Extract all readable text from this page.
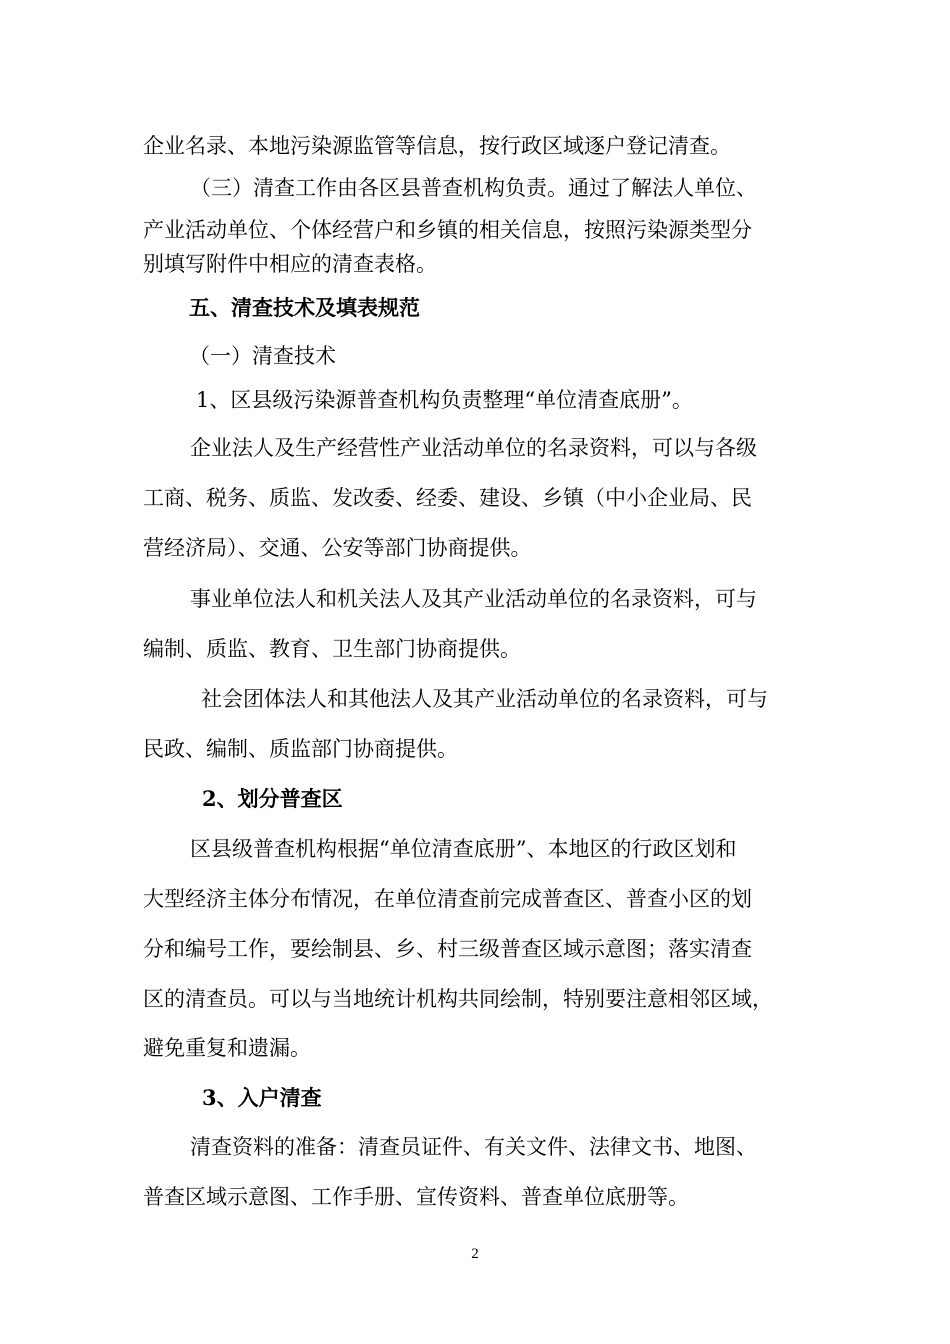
企业名录、本地污染源监管等信息，按行政区域逐户登记清查。
（三）清查工作由各区县普查机构负责。通过了解法人单位、
产业活动单位、个体经营户和乡镇的相关信息，按照污染源类型分
别填写附件中相应的清查表格。
五、清查技术及填表规范
（一）清查技术
1、区县级污染源普查机构负责整理“单位清查底册”。
企业法人及生产经营性产业活动单位的名录资料，可以与各级
工商、税务、质监、发改委、经委、建设、乡镇（中小企业局、民
营经济局）、交通、公安等部门协商提供。
事业单位法人和机关法人及其产业活动单位的名录资料，可与
编制、质监、教育、卫生部门协商提供。
社会团体法人和其他法人及其产业活动单位的名录资料，可与
民政、编制、质监部门协商提供。
2、划分普查区
区县级普查机构根据“单位清查底册”、本地区的行政区划和
大型经济主体分布情况，在单位清查前完成普查区、普查小区的划
分和编号工作，要绘制县、乡、村三级普查区域示意图；落实清查
区的清查员。可以与当地统计机构共同绘制，特别要注意相邻区域，
避免重复和遗漏。
3、入户清查
清查资料的准备：清查员证件、有关文件、法律文书、地图、
普查区域示意图、工作手册、宣传资料、普查单位底册等。
2
